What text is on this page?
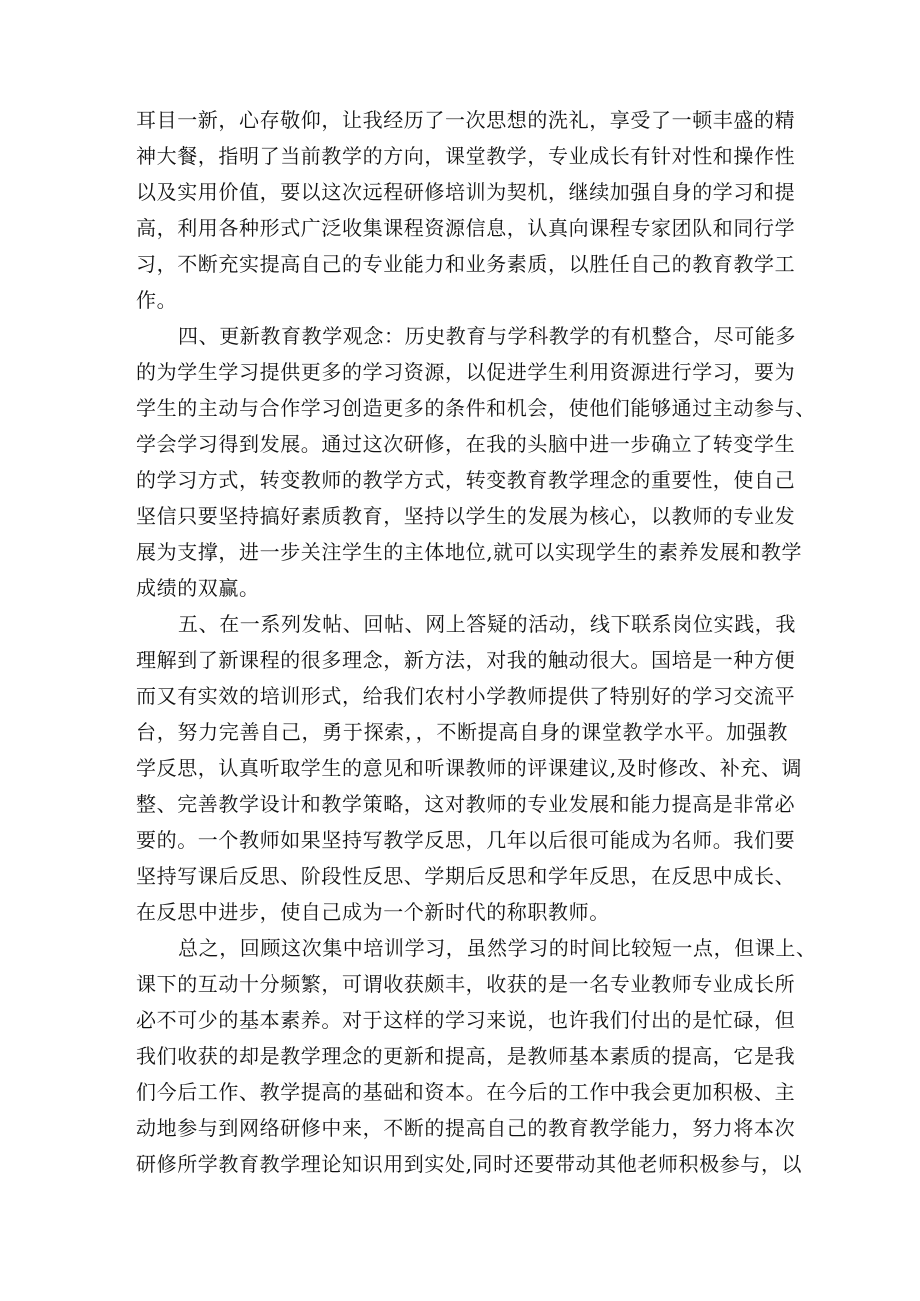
耳目一新，心存敬仰，让我经历了一次思想的洗礼，享受了一顿丰盛的精
神大餐，指明了当前教学的方向，课堂教学，专业成长有针对性和操作性
以及实用价值，要以这次远程研修培训为契机，继续加强自身的学习和提
高，利用各种形式广泛收集课程资源信息，认真向课程专家团队和同行学
习，不断充实提高自己的专业能力和业务素质，以胜任自己的教育教学工
作。
四、更新教育教学观念：历史教育与学科教学的有机整合，尽可能多
的为学生学习提供更多的学习资源，以促进学生利用资源进行学习，要为
学生的主动与合作学习创造更多的条件和机会，使他们能够通过主动参与、
学会学习得到发展。通过这次研修，在我的头脑中进一步确立了转变学生
的学习方式，转变教师的教学方式，转变教育教学理念的重要性，使自己
坚信只要坚持搞好素质教育，坚持以学生的发展为核心，以教师的专业发
展为支撑，进一步关注学生的主体地位,就可以实现学生的素养发展和教学
成绩的双赢。
五、在一系列发帖、回帖、网上答疑的活动，线下联系岗位实践，我
理解到了新课程的很多理念，新方法，对我的触动很大。国培是一种方便
而又有实效的培训形式，给我们农村小学教师提供了特别好的学习交流平
台，努力完善自己，勇于探索，，不断提高自身的课堂教学水平。加强教
学反思，认真听取学生的意见和听课教师的评课建议,及时修改、补充、调
整、完善教学设计和教学策略，这对教师的专业发展和能力提高是非常必
要的。一个教师如果坚持写教学反思，几年以后很可能成为名师。我们要
坚持写课后反思、阶段性反思、学期后反思和学年反思，在反思中成长、
在反思中进步，使自己成为一个新时代的称职教师。
总之，回顾这次集中培训学习，虽然学习的时间比较短一点，但课上、
课下的互动十分频繁，可谓收获颇丰，收获的是一名专业教师专业成长所
必不可少的基本素养。对于这样的学习来说，也许我们付出的是忙碌，但
我们收获的却是教学理念的更新和提高，是教师基本素质的提高，它是我
们今后工作、教学提高的基础和资本。在今后的工作中我会更加积极、主
动地参与到网络研修中来，不断的提高自己的教育教学能力，努力将本次
研修所学教育教学理论知识用到实处,同时还要带动其他老师积极参与，以
